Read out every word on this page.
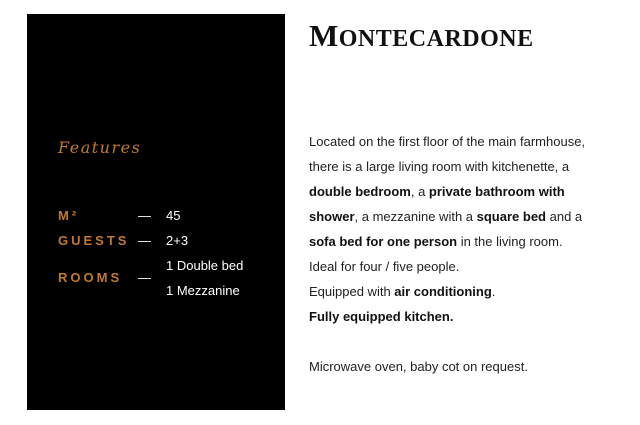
Features
M²	— 45
GUESTS — 2+3
ROOMS —
1 Double bed
1 Mezzanine
MONTECARDONE

Located on the first floor of the main farmhouse, there is a large living room with kitchenette, a double bedroom, a private bathroom with shower, a mezzanine with a square bed and a sofa bed for one person in the living room.

Ideal for four / five people.

Equipped with air conditioning.

Fully equipped kitchen.

Microwave oven, baby cot on request.
